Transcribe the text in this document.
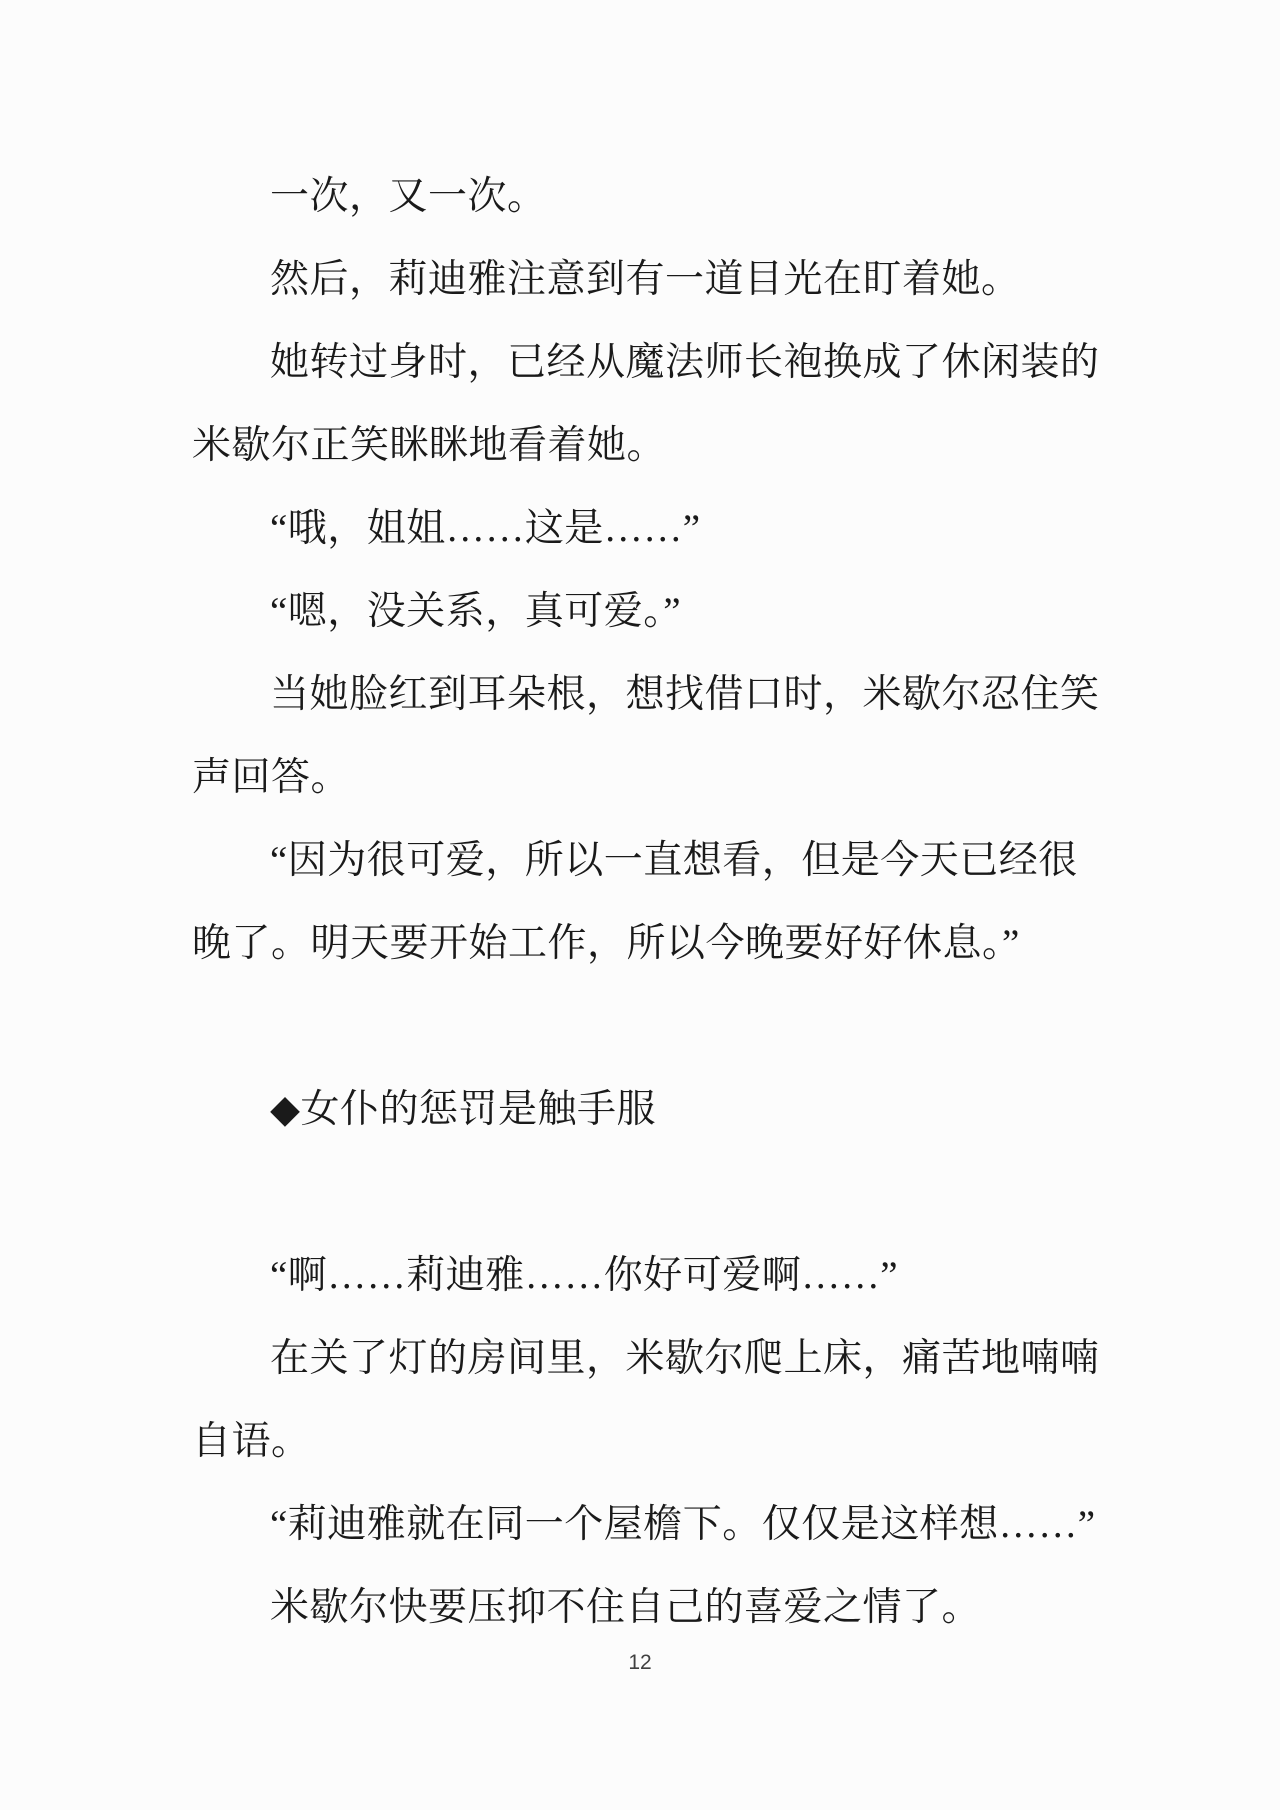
一次，又一次。
然后，莉迪雅注意到有一道目光在盯着她。
她转过身时，已经从魔法师长袍换成了休闲装的
米歇尔正笑眯眯地看着她。
“哦，姐姐……这是……”
“嗯，没关系，真可爱。”
当她脸红到耳朵根，想找借口时，米歇尔忍住笑
声回答。
“因为很可爱，所以一直想看，但是今天已经很
晚了。明天要开始工作，所以今晚要好好休息。”
◆女仆的惩罚是触手服
“啊……莉迪雅……你好可爱啊……”
在关了灯的房间里，米歇尔爬上床，痛苦地喃喃
自语。
“莉迪雅就在同一个屋檐下。仅仅是这样想……”
米歇尔快要压抑不住自己的喜爱之情了。
12
